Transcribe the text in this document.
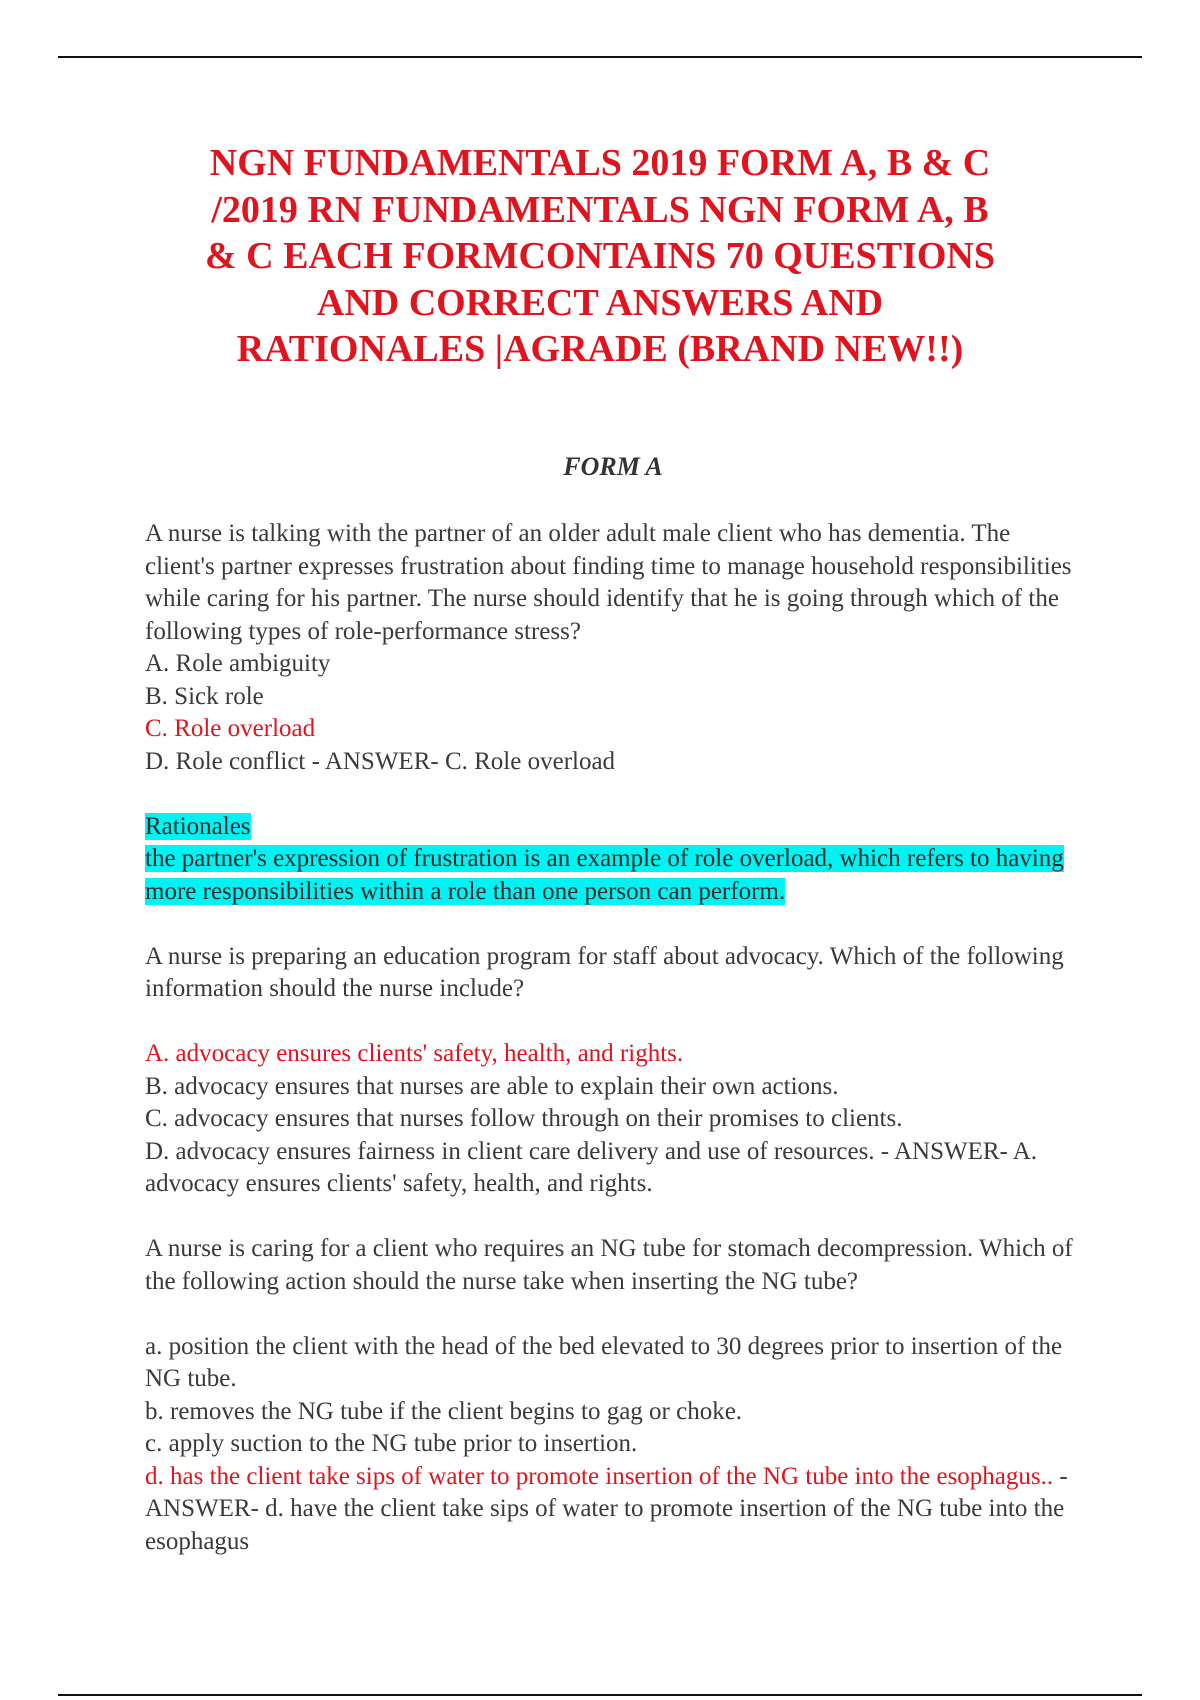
NGN FUNDAMENTALS 2019 FORM A, B & C /2019 RN FUNDAMENTALS NGN FORM A, B & C EACH FORMCONTAINS 70 QUESTIONS AND CORRECT ANSWERS AND RATIONALES |AGRADE (BRAND NEW!!)
FORM A

A nurse is talking with the partner of an older adult male client who has dementia. The client's partner expresses frustration about finding time to manage household responsibilities while caring for his partner. The nurse should identify that he is going through which of the following types of role-performance stress?

A. Role ambiguity

B. Sick role

C. Role overload

D. Role conflict - ANSWER- C. Role overload

Rationales

the partner's expression of frustration is an example of role overload, which refers to having more responsibilities within a role than one person can perform.

A nurse is preparing an education program for staff about advocacy. Which of the following information should the nurse include?

A. advocacy ensures clients' safety, health, and rights.

B. advocacy ensures that nurses are able to explain their own actions.

C. advocacy ensures that nurses follow through on their promises to clients.

D. advocacy ensures fairness in client care delivery and use of resources. - ANSWER- A. advocacy ensures clients' safety, health, and rights.

A nurse is caring for a client who requires an NG tube for stomach decompression. Which of the following action should the nurse take when inserting the NG tube?

a. position the client with the head of the bed elevated to 30 degrees prior to insertion of the NG tube.

b. removes the NG tube if the client begins to gag or choke.

c. apply suction to the NG tube prior to insertion.

d. has the client take sips of water to promote insertion of the NG tube into the esophagus.. - ANSWER- d. have the client take sips of water to promote insertion of the NG tube into the esophagus
